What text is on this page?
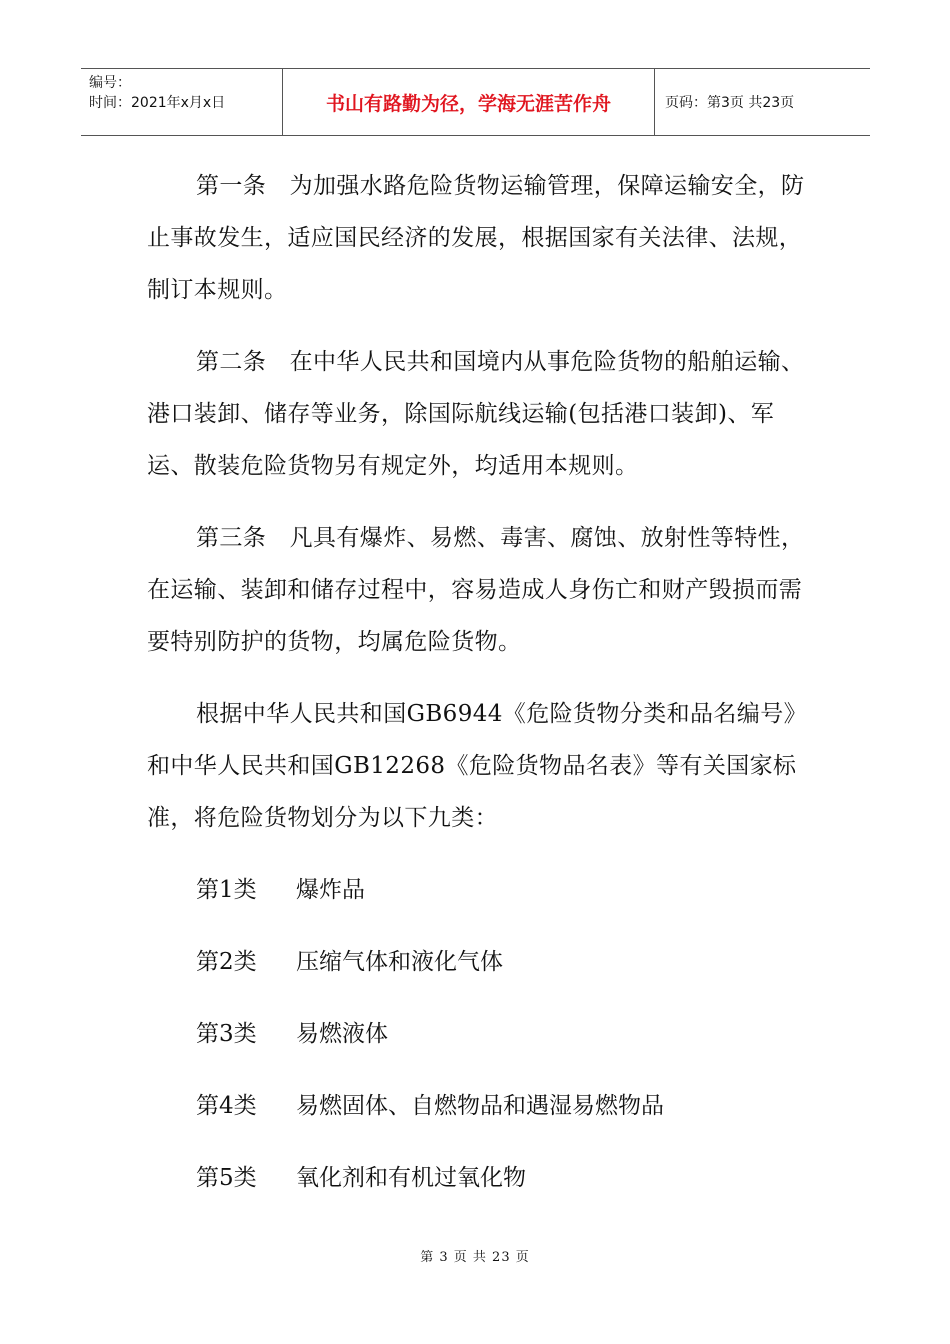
编号：
时间：2021年x月x日	书山有路勤为径，学海无涯苦作舟	页码：第3页 共23页

第一条　为加强水路危险货物运输管理，保障运输安全，防止事故发生，适应国民经济的发展，根据国家有关法律、法规，制订本规则。

第二条　在中华人民共和国境内从事危险货物的船舶运输、港口装卸、储存等业务，除国际航线运输(包括港口装卸)、军运、散装危险货物另有规定外，均适用本规则。

第三条　凡具有爆炸、易燃、毒害、腐蚀、放射性等特性，在运输、装卸和储存过程中，容易造成人身伤亡和财产毁损而需要特别防护的货物，均属危险货物。

根据中华人民共和国GB6944《危险货物分类和品名编号》和中华人民共和国GB12268《危险货物品名表》等有关国家标准，将危险货物划分为以下九类：

第1类 爆炸品
第2类 压缩气体和液化气体
第3类 易燃液体
第4类 易燃固体、自燃物品和遇湿易燃物品
第5类 氧化剂和有机过氧化物
第 3 页 共 23 页
